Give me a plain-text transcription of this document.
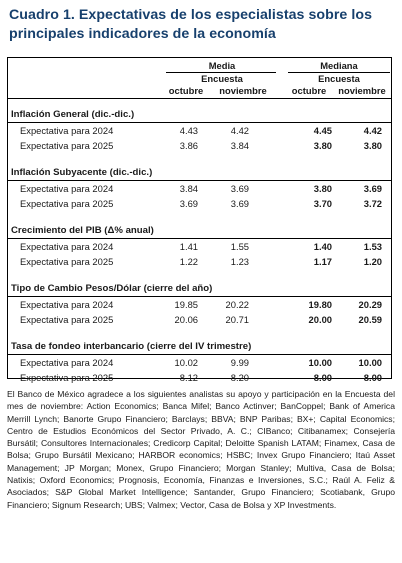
Cuadro 1. Expectativas de los especialistas sobre los principales indicadores de la economía
Media
Encuesta
octubre	noviembre
Mediana
Encuesta
octubre	noviembre
Inflación General (dic.-dic.)
Expectativa para 2024	4.43	4.42	4.45	4.42
Expectativa para 2025	3.86	3.84	3.80	3.80
Inflación Subyacente (dic.-dic.)
Expectativa para 2024	3.84	3.69	3.80	3.69
Expectativa para 2025	3.69	3.69	3.70	3.72
Crecimiento del PIB (Δ% anual)
Expectativa para 2024	1.41	1.55	1.40	1.53
Expectativa para 2025	1.22	1.23	1.17	1.20
Tipo de Cambio Pesos/Dólar (cierre del año)
Expectativa para 2024	19.85	20.22	19.80	20.29
Expectativa para 2025	20.06	20.71	20.00	20.59
Tasa de fondeo interbancario (cierre del IV trimestre)
Expectativa para 2024	10.02	9.99	10.00	10.00
Expectativa para 2025	8.12	8.20	8.00	8.00
El Banco de México agradece a los siguientes analistas su apoyo y participación en la Encuesta del mes de noviembre: Action Economics; Banca Mifel; Banco Actinver; BanCoppel; Bank of America Merrill Lynch; Banorte Grupo Financiero; Barclays; BBVA; BNP Paribas; BX+; Capital Economics; Centro de Estudios Económicos del Sector Privado, A. C.; CIBanco; Citibanamex; Consejería Bursátil; Consultores Internacionales; Credicorp Capital; Deloitte Spanish LATAM; Finamex, Casa de Bolsa; Grupo Bursátil Mexicano; HARBOR economics; HSBC; Invex Grupo Financiero; Itaú Asset Management; JP Morgan; Monex, Grupo Financiero; Morgan Stanley; Multiva, Casa de Bolsa; Natixis; Oxford Economics; Prognosis, Economía, Finanzas e Inversiones, S.C.; Raúl A. Feliz & Asociados; S&P Global Market Intelligence; Santander, Grupo Financiero; Scotiabank, Grupo Financiero; Signum Research; UBS; Valmex; Vector, Casa de Bolsa y XP Investments.
